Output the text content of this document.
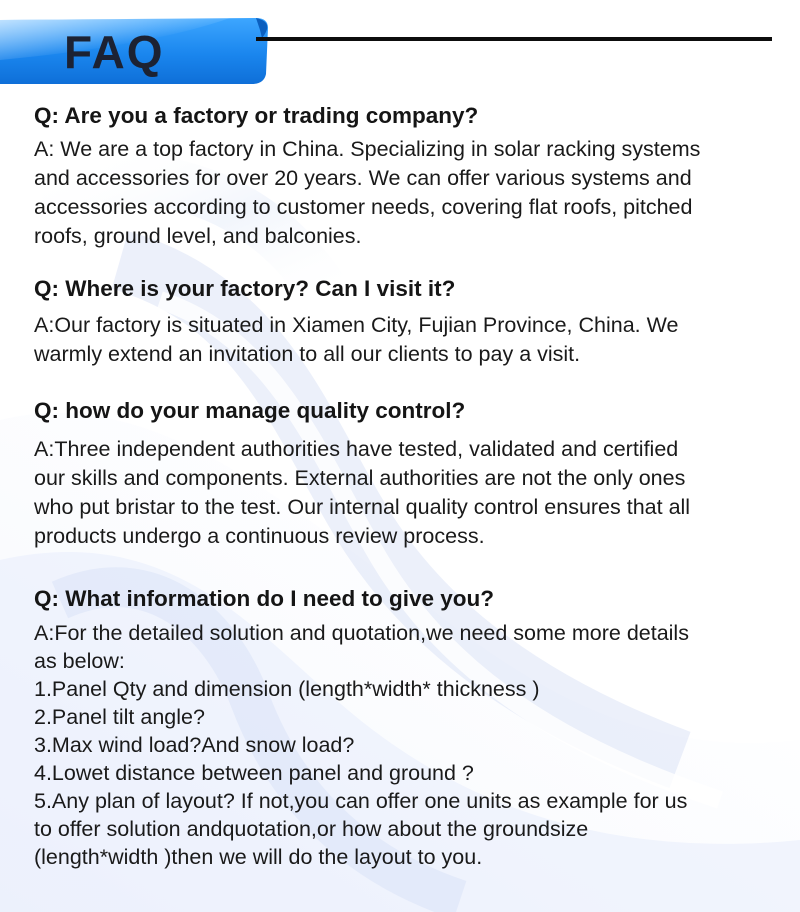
FAQ
Q: Are you a factory or trading company?
A: We are a top factory in China. Specializing in solar racking systems
and accessories for over 20 years. We can offer various systems and
accessories according to customer needs, covering flat roofs, pitched
roofs, ground level, and balconies.
Q: Where is your factory? Can I visit it?
A:Our factory is situated in Xiamen City, Fujian Province, China. We
warmly extend an invitation to all our clients to pay a visit.
Q: how do your manage quality control?
A:Three independent authorities have tested, validated and certified
our skills and components. External authorities are not the only ones
who put bristar to the test. Our internal quality control ensures that all
products undergo a continuous review process.
Q: What information do I need to give you?
A:For the detailed solution and quotation,we need some more details
as below:
1.Panel Qty and dimension (length*width* thickness )
2.Panel tilt angle?
3.Max wind load?And snow load?
4.Lowet distance between panel and ground ?
5.Any plan of layout? If not,you can offer one units as example for us
to offer solution andquotation,or how about the groundsize
(length*width )then we will do the layout to you.
